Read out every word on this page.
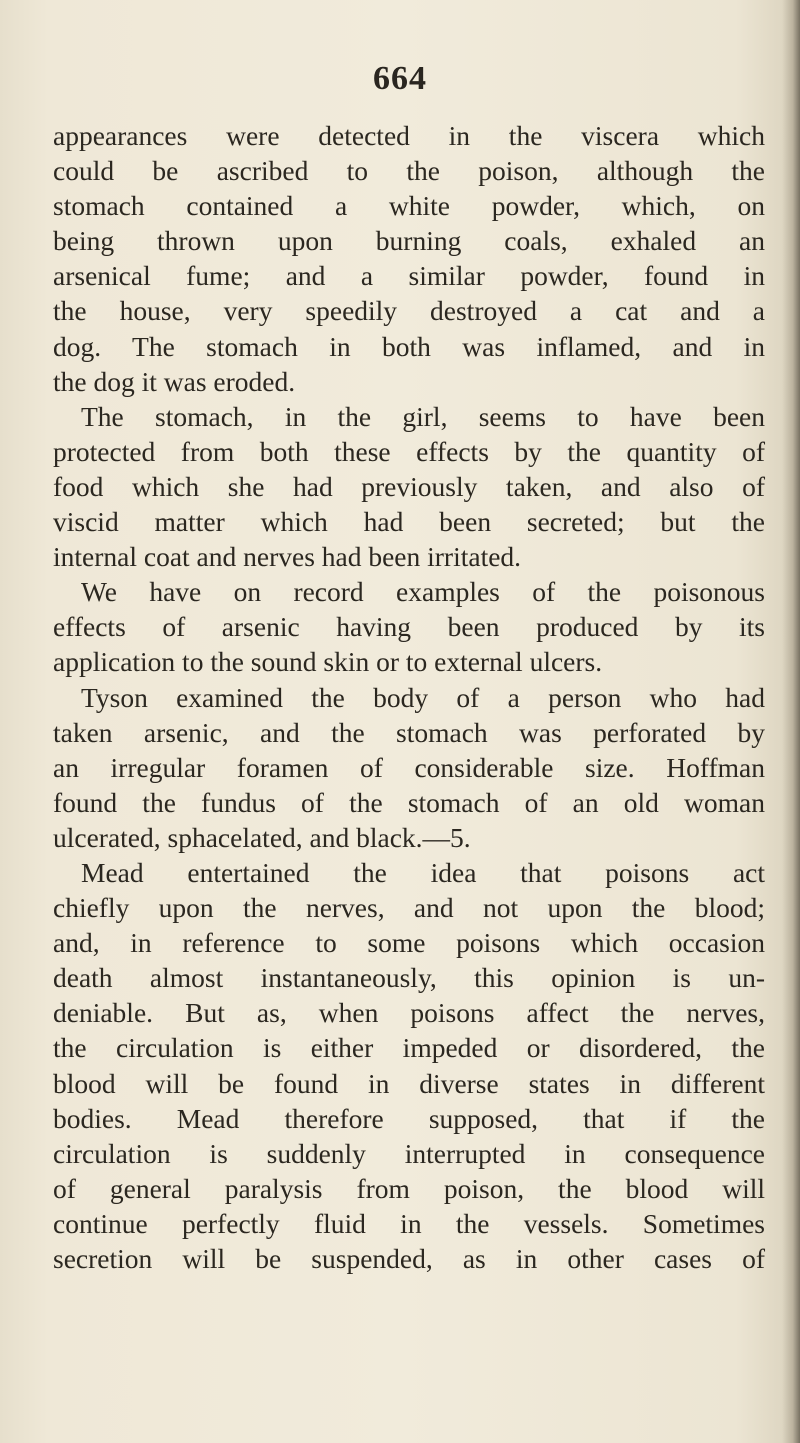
664
appearances were detected in the viscera which
could be ascribed to the poison, although the
stomach contained a white powder, which, on
being thrown upon burning coals, exhaled an
arsenical fume; and a similar powder, found in
the house, very speedily destroyed a cat and a
dog. The stomach in both was inflamed, and in
the dog it was eroded.
The stomach, in the girl, seems to have been
protected from both these effects by the quantity of
food which she had previously taken, and also of
viscid matter which had been secreted; but the
internal coat and nerves had been irritated.
We have on record examples of the poisonous
effects of arsenic having been produced by its
application to the sound skin or to external ulcers.
Tyson examined the body of a person who had
taken arsenic, and the stomach was perforated by
an irregular foramen of considerable size. Hoffman
found the fundus of the stomach of an old woman
ulcerated, sphacelated, and black.—5.
Mead entertained the idea that poisons act
chiefly upon the nerves, and not upon the blood;
and, in reference to some poisons which occasion
death almost instantaneously, this opinion is un-
deniable. But as, when poisons affect the nerves,
the circulation is either impeded or disordered, the
blood will be found in diverse states in different
bodies. Mead therefore supposed, that if the
circulation is suddenly interrupted in consequence
of general paralysis from poison, the blood will
continue perfectly fluid in the vessels. Sometimes
secretion will be suspended, as in other cases of
